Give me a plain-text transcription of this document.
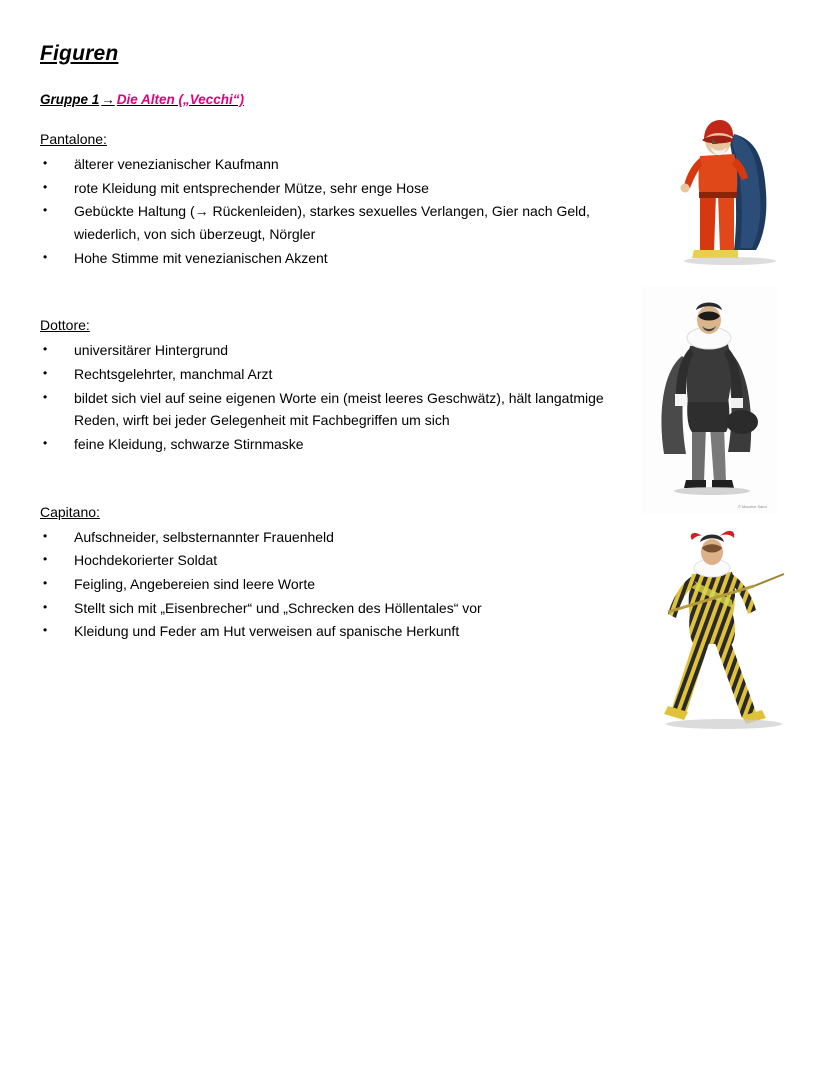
Figuren
Gruppe 1 → Die Alten („Vecchi“)
Pantalone:
• älterer venezianischer Kaufmann
• rote Kleidung mit entsprechender Mütze, sehr enge Hose
• Gebückte Haltung (→ Rückenleiden), starkes sexuelles Verlangen, Gier nach Geld, wiederlich, von sich überzeugt, Nörgler
• Hohe Stimme mit venezianischen Akzent
Dottore:
• universitärer Hintergrund
• Rechtsgelehrter, manchmal Arzt
• bildet sich viel auf seine eigenen Worte ein (meist leeres Geschwätz), hält langatmige Reden, wirft bei jeder Gelegenheit mit Fachbegriffen um sich
• feine Kleidung, schwarze Stirnmaske
Capitano:
• Aufschneider, selbsternannter Frauenheld
• Hochdekorierter Soldat
• Feigling, Angebereien sind leere Worte
• Stellt sich mit „Eisenbrecher“ und „Schrecken des Höllentales“ vor
• Kleidung und Feder am Hut verweisen auf spanische Herkunft
© Maurice Sand
